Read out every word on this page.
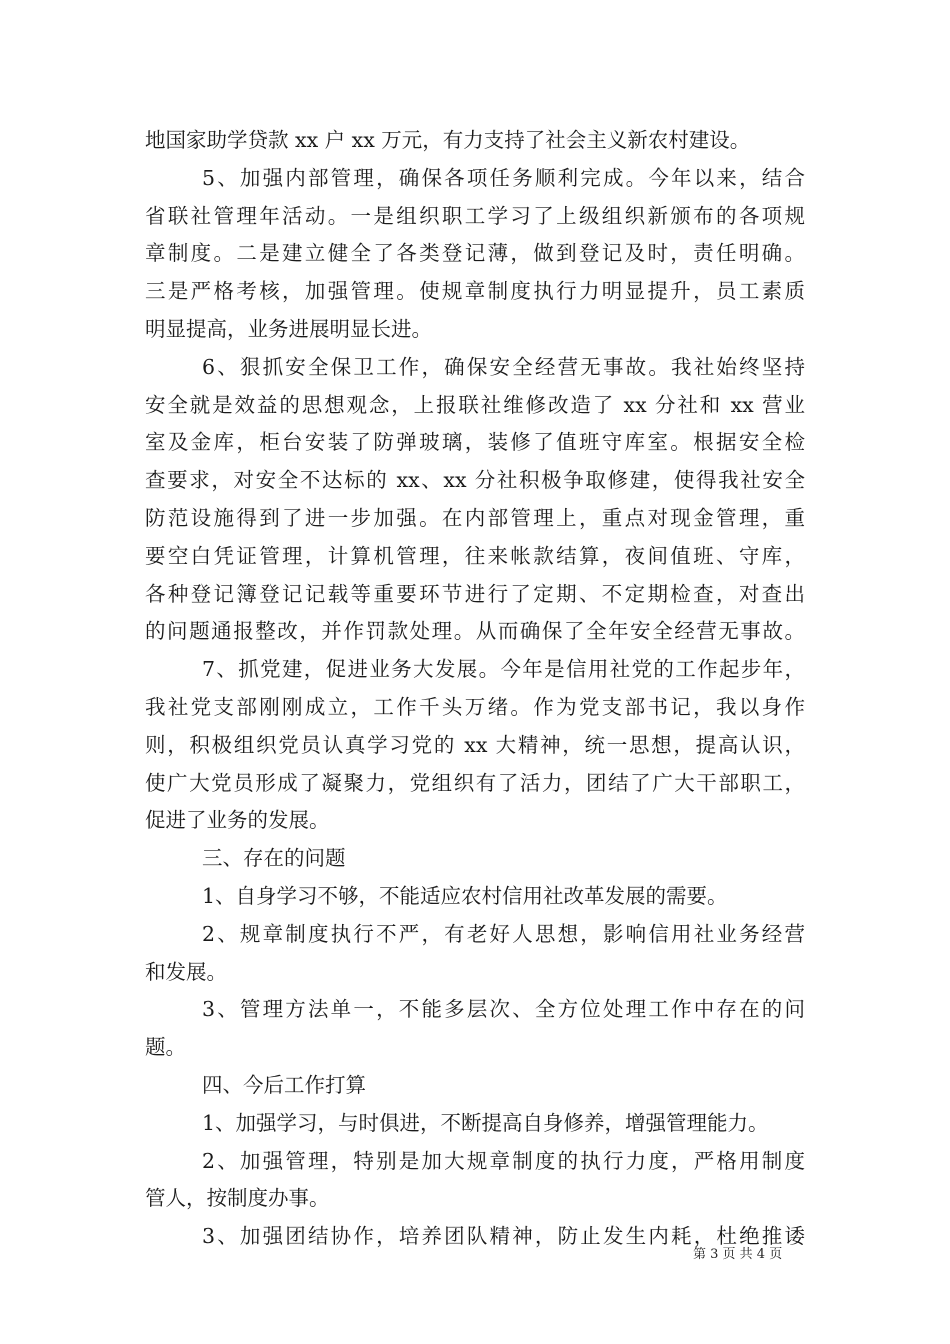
地国家助学贷款 xx 户 xx 万元，有力支持了社会主义新农村建设。
5、加强内部管理，确保各项任务顺利完成。今年以来，结合
省联社管理年活动。一是组织职工学习了上级组织新颁布的各项规
章制度。二是建立健全了各类登记薄，做到登记及时，责任明确。
三是严格考核，加强管理。使规章制度执行力明显提升，员工素质
明显提高，业务进展明显长进。
6、狠抓安全保卫工作，确保安全经营无事故。我社始终坚持
安全就是效益的思想观念，上报联社维修改造了 xx 分社和 xx 营业
室及金库，柜台安装了防弹玻璃，装修了值班守库室。根据安全检
查要求，对安全不达标的 xx、xx 分社积极争取修建，使得我社安全
防范设施得到了进一步加强。在内部管理上，重点对现金管理，重
要空白凭证管理，计算机管理，往来帐款结算，夜间值班、守库，
各种登记簿登记记载等重要环节进行了定期、不定期检查，对查出
的问题通报整改，并作罚款处理。从而确保了全年安全经营无事故。
7、抓党建，促进业务大发展。今年是信用社党的工作起步年，
我社党支部刚刚成立，工作千头万绪。作为党支部书记，我以身作
则，积极组织党员认真学习党的 xx 大精神，统一思想，提高认识，
使广大党员形成了凝聚力，党组织有了活力，团结了广大干部职工，
促进了业务的发展。
三、存在的问题
1、自身学习不够，不能适应农村信用社改革发展的需要。
2、规章制度执行不严，有老好人思想，影响信用社业务经营
和发展。
3、管理方法单一，不能多层次、全方位处理工作中存在的问
题。
四、今后工作打算
1、加强学习，与时俱进，不断提高自身修养，增强管理能力。
2、加强管理，特别是加大规章制度的执行力度，严格用制度
管人，按制度办事。
3、加强团结协作，培养团队精神，防止发生内耗，杜绝推诿
第 3 页 共 4 页
